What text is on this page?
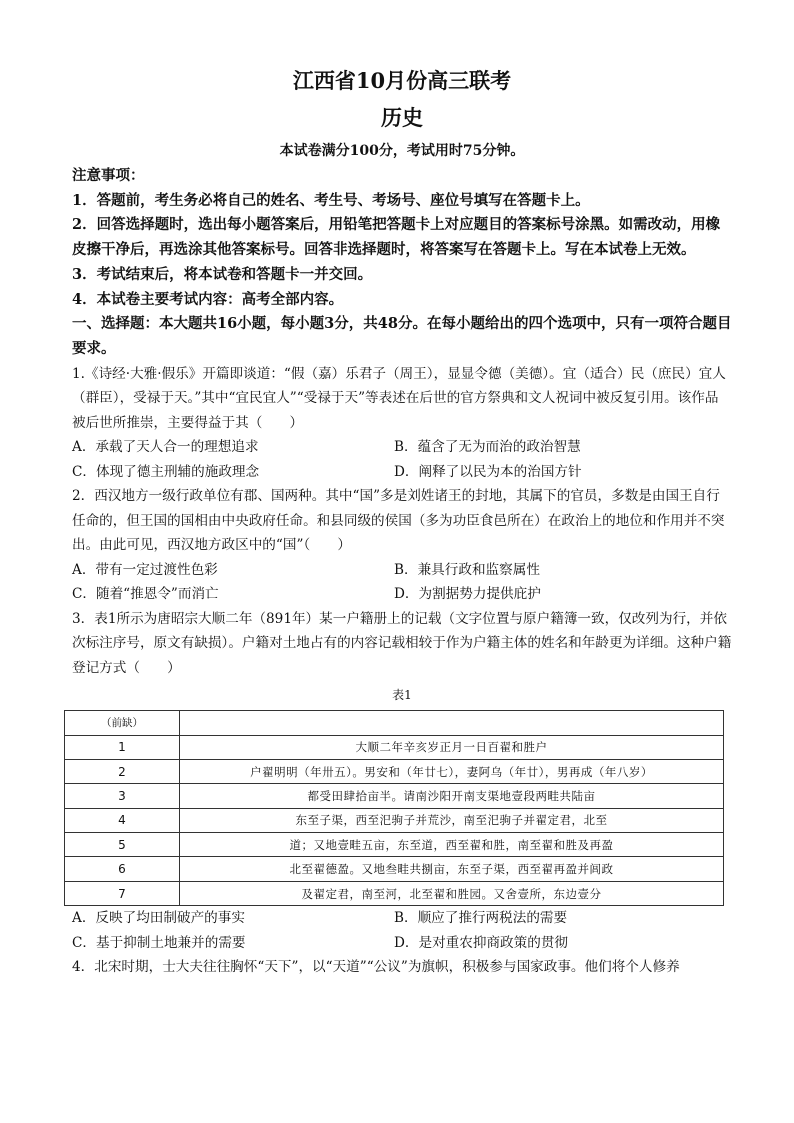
江西省10月份高三联考
历史
本试卷满分100分，考试用时75分钟。

注意事项：

1．答题前，考生务必将自己的姓名、考生号、考场号、座位号填写在答题卡上。

2．回答选择题时，选出每小题答案后，用铅笔把答题卡上对应题目的答案标号涂黑。如需改动，用橡皮擦干净后，再选涂其他答案标号。回答非选择题时，将答案写在答题卡上。写在本试卷上无效。

3．考试结束后，将本试卷和答题卡一并交回。

4．本试卷主要考试内容：高考全部内容。

一、选择题：本大题共16小题，每小题3分，共48分。在每小题给出的四个选项中，只有一项符合题目要求。

1.《诗经·大雅·假乐》开篇即谈道：“假（嘉）乐君子（周王），显显令德（美德）。宜（适合）民（庶民）宜人（群臣），受禄于天。”其中“宜民宜人”“受禄于天”等表述在后世的官方祭典和文人祝词中被反复引用。该作品被后世所推崇，主要得益于其（　　）

A．承载了天人合一的理想追求	B．蕴含了无为而治的政治智慧
C．体现了德主刑辅的施政理念	D．阐释了以民为本的治国方针

2．西汉地方一级行政单位有郡、国两种。其中“国”多是刘姓诸王的封地，其属下的官员，多数是由国王自行任命的，但王国的国相由中央政府任命。和县同级的侯国（多为功臣食邑所在）在政治上的地位和作用并不突出。由此可见，西汉地方政区中的“国”（　　）

A．带有一定过渡性色彩	B．兼具行政和监察属性
C．随着“推恩令”而消亡	D．为割据势力提供庇护

3．表1所示为唐昭宗大顺二年（891年）某一户籍册上的记载（文字位置与原户籍簿一致，仅改列为行，并依次标注序号，原文有缺损）。户籍对土地占有的内容记载相较于作为户籍主体的姓名和年龄更为详细。这种户籍登记方式（　　）

表1

（前缺）	
1	大顺二年辛亥岁正月一日百翟和胜户
2	户翟明明（年卅五）。男安和（年廿七），妻阿乌（年廿），男再成（年八岁）
3	都受田肆拾亩半。请南沙阳开南支渠地壹段两畦共陆亩
4	东至子渠，西至汜驹子并荒沙，南至汜驹子并翟定君，北至
5	道；又地壹畦五亩，东至道，西至翟和胜，南至翟和胜及再盈
6	北至翟德盈。又地叁畦共捌亩，东至子渠，西至翟再盈并闾政
7	及翟定君，南至河，北至翟和胜园。又舍壹所，东边壹分
A．反映了均田制破产的事实	B．顺应了推行两税法的需要
C．基于抑制土地兼并的需要	D．是对重农抑商政策的贯彻

4．北宋时期，士大夫往往胸怀“天下”，以“天道”“公议”为旗帜，积极参与国家政事。他们将个人修养
